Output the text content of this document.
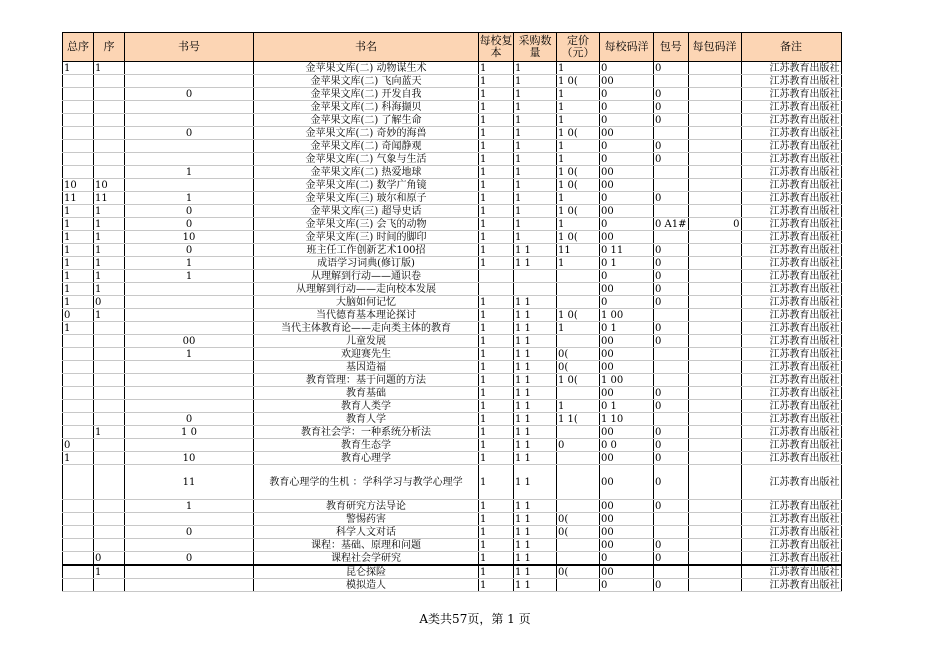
总序	序	书号	书名	每校复本	采购数量	定价（元）	每校码洋	包号	每包码洋	备注
1	1		金苹果文库(二) 动物谋生术	1	1	1	0	0		江苏教育出版社
			金苹果文库(二) 飞向蓝天	1	1	1 0(	00			江苏教育出版社
		0	金苹果文库(二) 开发自我	1	1	1	0	0		江苏教育出版社
			金苹果文库(二) 科海撷贝	1	1	1	0	0		江苏教育出版社
			金苹果文库(二) 了解生命	1	1	1	0	0		江苏教育出版社
		0	金苹果文库(二) 奇妙的海兽	1	1	1 0(	00			江苏教育出版社
			金苹果文库(二) 奇闻静观	1	1	1	0	0		江苏教育出版社
			金苹果文库(二) 气象与生活	1	1	1	0	0		江苏教育出版社
		1	金苹果文库(二) 热爱地球	1	1	1 0(	00			江苏教育出版社
10	10		金苹果文库(二) 数学广角镜	1	1	1 0(	00			江苏教育出版社
11	11	1	金苹果文库(三) 玻尔和原子	1	1	1	0	0		江苏教育出版社
1	1	0	金苹果文库(三) 超导史话	1	1	1 0(	00			江苏教育出版社
1	1	0	金苹果文库(三) 会飞的动物	1	1	1	0	0 A1#	0	江苏教育出版社
1	1	10	金苹果文库(三) 时间的脚印	1	1	1 0(	00			江苏教育出版社
1	1	0	班主任工作创新艺术100招	1	1 1	11	0 11	0		江苏教育出版社
1	1	1	成语学习词典(修订版)	1	1 1	1	0 1	0		江苏教育出版社
1	1	1	从理解到行动——通识卷				0	0		江苏教育出版社
1	1		从理解到行动——走向校本发展				00	0		江苏教育出版社
1	0		大脑如何记忆	1	1 1		0	0		江苏教育出版社
0	1		当代德育基本理论探讨	1	1 1	1 0(	1 00			江苏教育出版社
1			当代主体教育论——走向类主体的教育	1	1 1	1	0 1	0		江苏教育出版社
		00	儿童发展	1	1 1		00	0		江苏教育出版社
		1	欢迎赛先生	1	1 1	0(	00			江苏教育出版社
			基因造福	1	1 1	0(	00			江苏教育出版社
			教育管理：基于问题的方法	1	1 1	1 0(	1 00			江苏教育出版社
			教育基础	1	1 1		00	0		江苏教育出版社
			教育人类学	1	1 1	1	0 1	0		江苏教育出版社
		0	教育人学	1	1 1	1 1(	1 10			江苏教育出版社
	1	1 0	教育社会学：一种系统分析法	1	1 1		00	0		江苏教育出版社
0			教育生态学	1	1 1	0	0 0	0		江苏教育出版社
1		10	教育心理学	1	1 1		00	0		江苏教育出版社
		11	教育心理学的生机 ：学科学习与教学心理学	1	1 1		00	0		江苏教育出版社
		1	教育研究方法导论	1	1 1		00	0		江苏教育出版社
			警惕药害	1	1 1	0(	00			江苏教育出版社
		0	科学人文对话	1	1 1	0(	00			江苏教育出版社
			课程：基础、原理和问题	1	1 1		00	0		江苏教育出版社
	0	0	课程社会学研究	1	1 1		0	0		江苏教育出版社
	1		昆仑探险	1	1 1	0(	00			江苏教育出版社
			模拟造人	1	1 1		0	0		江苏教育出版社
A类共57页，第 1 页
